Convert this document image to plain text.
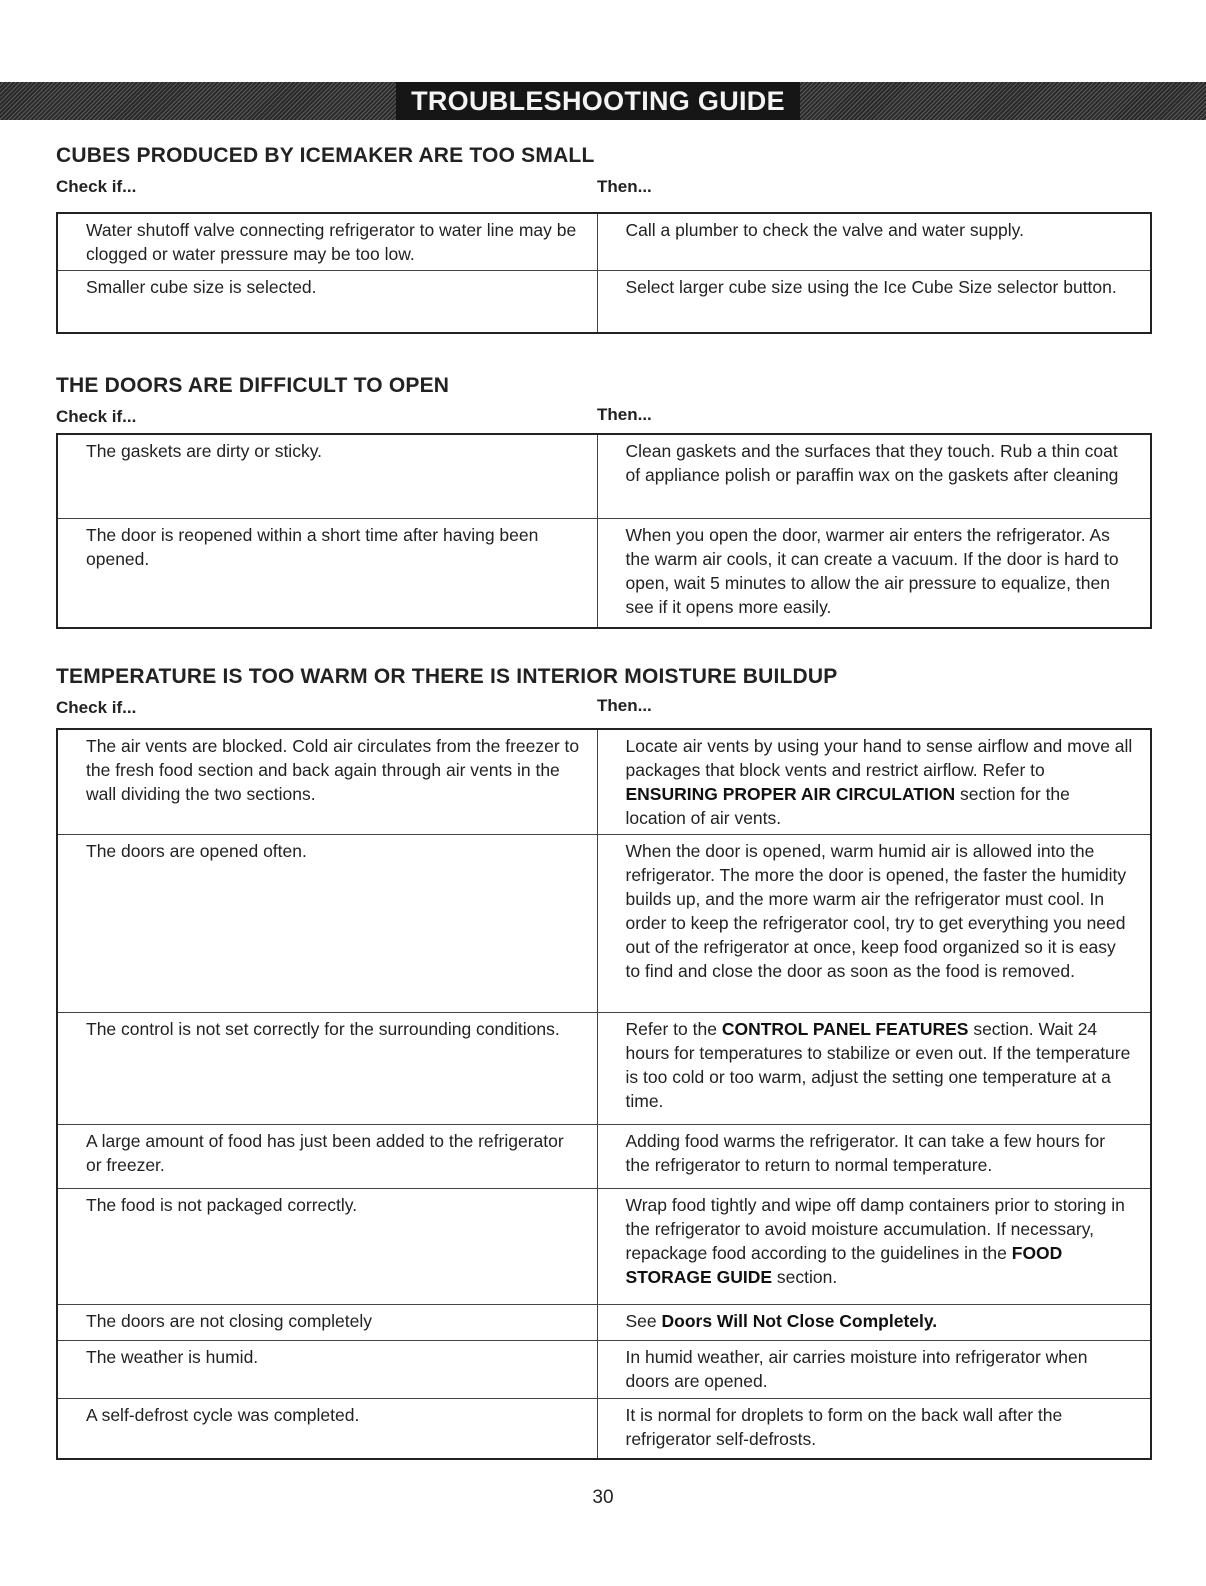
TROUBLESHOOTING GUIDE
CUBES PRODUCED BY ICEMAKER ARE TOO SMALL
Check if...	Then...
Water shutoff valve connecting refrigerator to water line may be clogged or water pressure may be too low.	Call a plumber to check the valve and water supply.
Smaller cube size is selected.	Select larger cube size using the Ice Cube Size selector button.
THE DOORS ARE DIFFICULT TO OPEN
Check if...	Then...
The gaskets are dirty or sticky.	Clean gaskets and the surfaces that they touch. Rub a thin coat of appliance polish or paraffin wax on the gaskets after cleaning
The door is reopened within a short time after having been opened.	When you open the door, warmer air enters the refrigerator. As the warm air cools, it can create a vacuum. If the door is hard to open, wait 5 minutes to allow the air pressure to equalize, then see if it opens more easily.
TEMPERATURE IS TOO WARM OR THERE IS INTERIOR MOISTURE BUILDUP
Check if...	Then...
The air vents are blocked. Cold air circulates from the freezer to the fresh food section and back again through air vents in the wall dividing the two sections.	Locate air vents by using your hand to sense airflow and move all packages that block vents and restrict airflow. Refer to ENSURING PROPER AIR CIRCULATION section for the location of air vents.
The doors are opened often.	When the door is opened, warm humid air is allowed into the refrigerator. The more the door is opened, the faster the humidity builds up, and the more warm air the refrigerator must cool. In order to keep the refrigerator cool, try to get everything you need out of the refrigerator at once, keep food organized so it is easy to find and close the door as soon as the food is removed.
The control is not set correctly for the surrounding conditions.	Refer to the CONTROL PANEL FEATURES section. Wait 24 hours for temperatures to stabilize or even out. If the temperature is too cold or too warm, adjust the setting one temperature at a time.
A large amount of food has just been added to the refrigerator or freezer.	Adding food warms the refrigerator. It can take a few hours for the refrigerator to return to normal temperature.
The food is not packaged correctly.	Wrap food tightly and wipe off damp containers prior to storing in the refrigerator to avoid moisture accumulation. If necessary, repackage food according to the guidelines in the FOOD STORAGE GUIDE section.
The doors are not closing completely	See Doors Will Not Close Completely.
The weather is humid.	In humid weather, air carries moisture into refrigerator when doors are opened.
A self-defrost cycle was completed.	It is normal for droplets to form on the back wall after the refrigerator self-defrosts.
30
